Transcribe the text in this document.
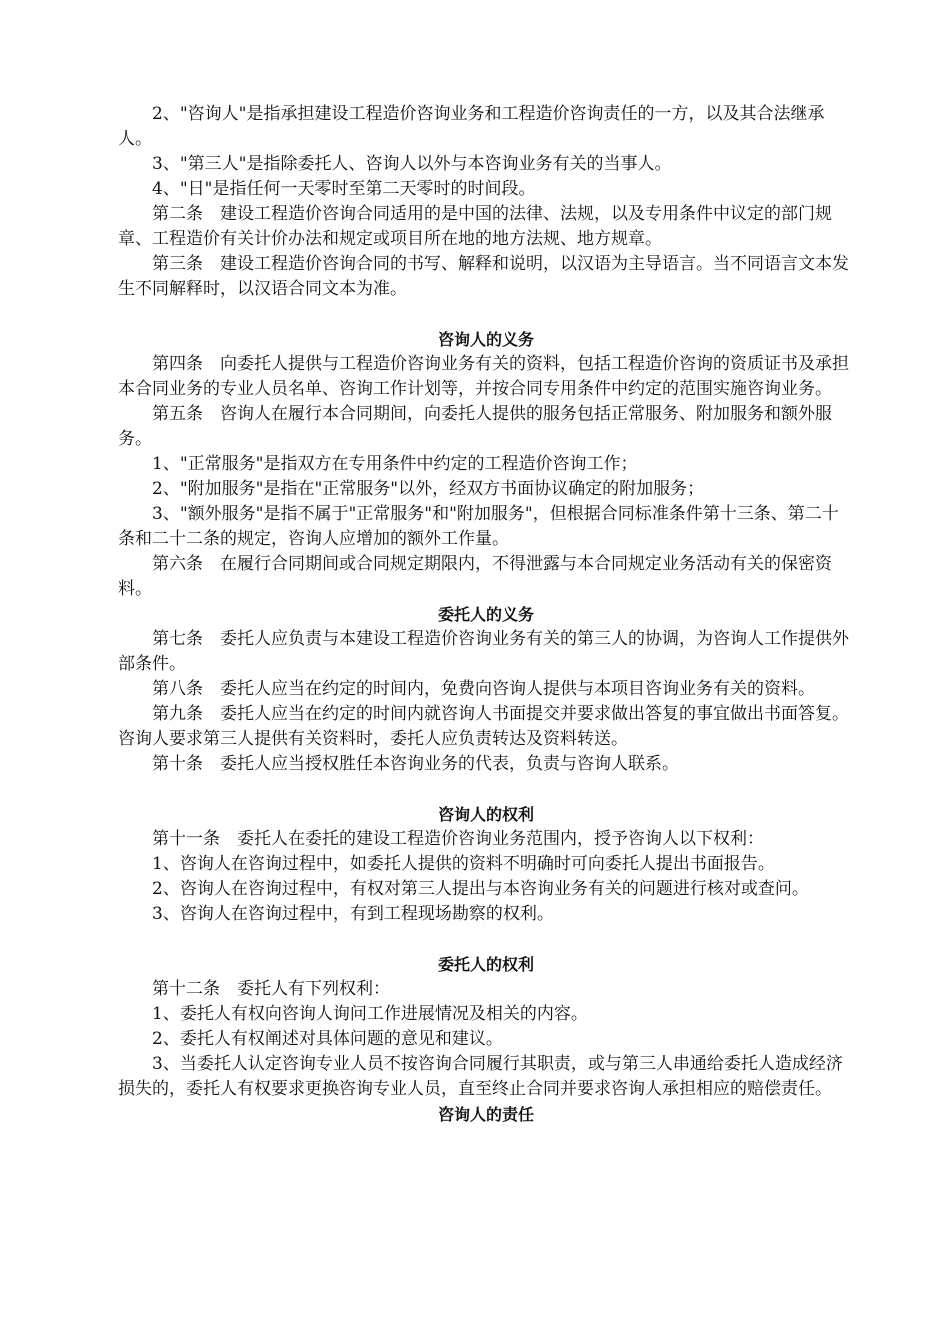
2、"咨询人"是指承担建设工程造价咨询业务和工程造价咨询责任的一方，以及其合法继承人。

3、"第三人"是指除委托人、咨询人以外与本咨询业务有关的当事人。

4、"日"是指任何一天零时至第二天零时的时间段。

第二条　建设工程造价咨询合同适用的是中国的法律、法规，以及专用条件中议定的部门规章、工程造价有关计价办法和规定或项目所在地的地方法规、地方规章。

第三条　建设工程造价咨询合同的书写、解释和说明，以汉语为主导语言。当不同语言文本发生不同解释时，以汉语合同文本为准。

咨询人的义务

第四条　向委托人提供与工程造价咨询业务有关的资料，包括工程造价咨询的资质证书及承担本合同业务的专业人员名单、咨询工作计划等，并按合同专用条件中约定的范围实施咨询业务。

第五条　咨询人在履行本合同期间，向委托人提供的服务包括正常服务、附加服务和额外服务。

1、"正常服务"是指双方在专用条件中约定的工程造价咨询工作；

2、"附加服务"是指在"正常服务"以外，经双方书面协议确定的附加服务；

3、"额外服务"是指不属于"正常服务"和"附加服务"，但根据合同标准条件第十三条、第二十条和二十二条的规定，咨询人应增加的额外工作量。

第六条　在履行合同期间或合同规定期限内，不得泄露与本合同规定业务活动有关的保密资料。

委托人的义务

第七条　委托人应负责与本建设工程造价咨询业务有关的第三人的协调，为咨询人工作提供外部条件。

第八条　委托人应当在约定的时间内，免费向咨询人提供与本项目咨询业务有关的资料。

第九条　委托人应当在约定的时间内就咨询人书面提交并要求做出答复的事宜做出书面答复。咨询人要求第三人提供有关资料时，委托人应负责转达及资料转送。

第十条　委托人应当授权胜任本咨询业务的代表，负责与咨询人联系。

咨询人的权利

第十一条　委托人在委托的建设工程造价咨询业务范围内，授予咨询人以下权利：

1、咨询人在咨询过程中，如委托人提供的资料不明确时可向委托人提出书面报告。

2、咨询人在咨询过程中，有权对第三人提出与本咨询业务有关的问题进行核对或查问。

3、咨询人在咨询过程中，有到工程现场勘察的权利。

委托人的权利

第十二条　委托人有下列权利：

1、委托人有权向咨询人询问工作进展情况及相关的内容。

2、委托人有权阐述对具体问题的意见和建议。

3、当委托人认定咨询专业人员不按咨询合同履行其职责，或与第三人串通给委托人造成经济损失的，委托人有权要求更换咨询专业人员，直至终止合同并要求咨询人承担相应的赔偿责任。

咨询人的责任
